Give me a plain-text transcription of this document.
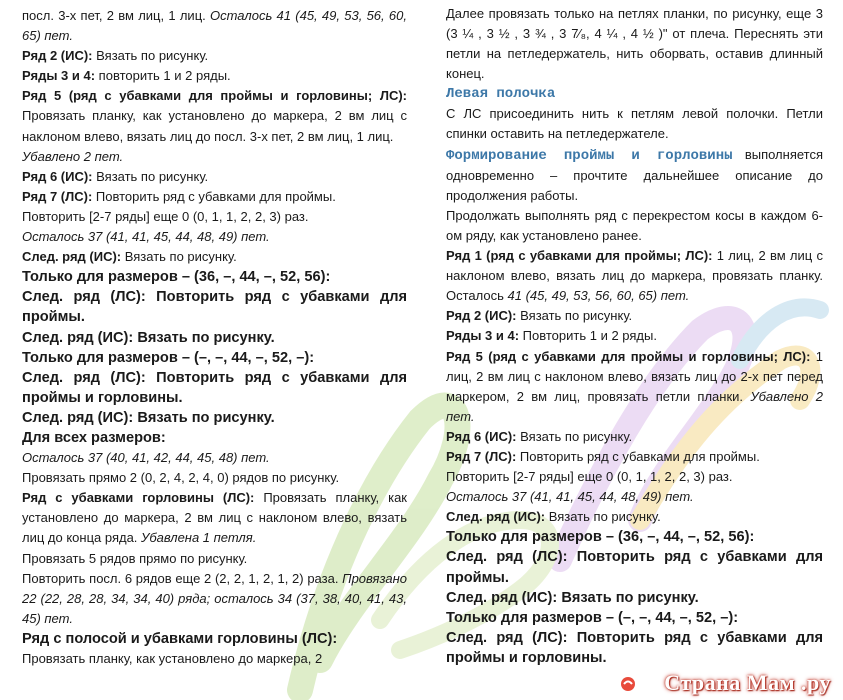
посл. 3-х пет, 2 вм лиц, 1 лиц. Осталось 41 (45, 49, 53, 56, 60, 65) пет.
Ряд 2 (ИС): Вязать по рисунку.
Ряды 3 и 4: повторить 1 и 2 ряды.
Ряд 5 (ряд с убавками для проймы и горловины; ЛС): Провязать планку, как установлено до маркера, 2 вм лиц с наклоном влево, вязать лиц до посл. 3-х пет, 2 вм лиц, 1 лиц.
Убавлено 2 пет.
Ряд 6 (ИС): Вязать по рисунку.
Ряд 7 (ЛС): Повторить ряд с убавками для проймы.
Повторить [2-7 ряды] еще 0 (0, 1, 1, 2, 2, 3) раз.
Осталось 37 (41, 41, 45, 44, 48, 49) пет.
След. ряд (ИС): Вязать по рисунку.
Только для размеров – (36, –, 44, –, 52, 56):
След. ряд (ЛС): Повторить ряд с убавками для проймы.
След. ряд (ИС): Вязать по рисунку.
Только для размеров – (–, –, 44, –, 52, –):
След. ряд (ЛС): Повторить ряд с убавками для проймы и горловины.
След. ряд (ИС): Вязать по рисунку.
Для всех размеров:
Осталось 37 (40, 41, 42, 44, 45, 48) пет.
Провязать прямо 2 (0, 2, 4, 2, 4, 0) рядов по рисунку.
Ряд с убавками горловины (ЛС): Провязать планку, как установлено до маркера, 2 вм лиц с наклоном влево, вязать лиц до конца ряда. Убавлена 1 петля.
Провязать 5 рядов прямо по рисунку.
Повторить посл. 6 рядов еще 2 (2, 2, 1, 2, 1, 2) раза. Провязано 22 (22, 28, 28, 34, 34, 40) ряда; осталось 34 (37, 38, 40, 41, 43, 45) пет.
Ряд с полосой и убавками горловины (ЛС):
Провязать планку, как установлено до маркера, 2
Далее провязать только на петлях планки, по рисунку, еще 3 (3 ¼ , 3 ½ , 3 ¾ , 3 7⁄₈, 4 ¼ , 4 ½ )" от плеча. Переснять эти петли на петледержатель, нить оборвать, оставив длинный конец.
Левая полочка
С ЛС присоединить нить к петлям левой полочки. Петли спинки оставить на петледержателе.
Формирование проймы и горловины выполняется одновременно – прочтите дальнейшее описание до продолжения работы.
Продолжать выполнять ряд с перекрестом косы в каждом 6-ом ряду, как установлено ранее.
Ряд 1 (ряд с убавками для проймы; ЛС): 1 лиц, 2 вм лиц с наклоном влево, вязать лиц до маркера, провязать планку. Осталось 41 (45, 49, 53, 56, 60, 65) пет.
Ряд 2 (ИС): Вязать по рисунку.
Ряды 3 и 4: Повторить 1 и 2 ряды.
Ряд 5 (ряд с убавками для проймы и горловины; ЛС): 1 лиц, 2 вм лиц с наклоном влево, вязать лиц до 2-х пет перед маркером, 2 вм лиц, провязать петли планки. Убавлено 2 пет.
Ряд 6 (ИС): Вязать по рисунку.
Ряд 7 (ЛС): Повторить ряд с убавками для проймы.
Повторить [2-7 ряды] еще 0 (0, 1, 1, 2, 2, 3) раз.
Осталось 37 (41, 41, 45, 44, 48, 49) пет.
След. ряд (ИС): Вязать по рисунку.
Только для размеров – (36, –, 44, –, 52, 56):
След. ряд (ЛС): Повторить ряд с убавками для проймы.
След. ряд (ИС): Вязать по рисунку.
Только для размеров – (–, –, 44, –, 52, –):
След. ряд (ЛС): Повторить ряд с убавками для проймы и горловины.
Страна Мам .ру
